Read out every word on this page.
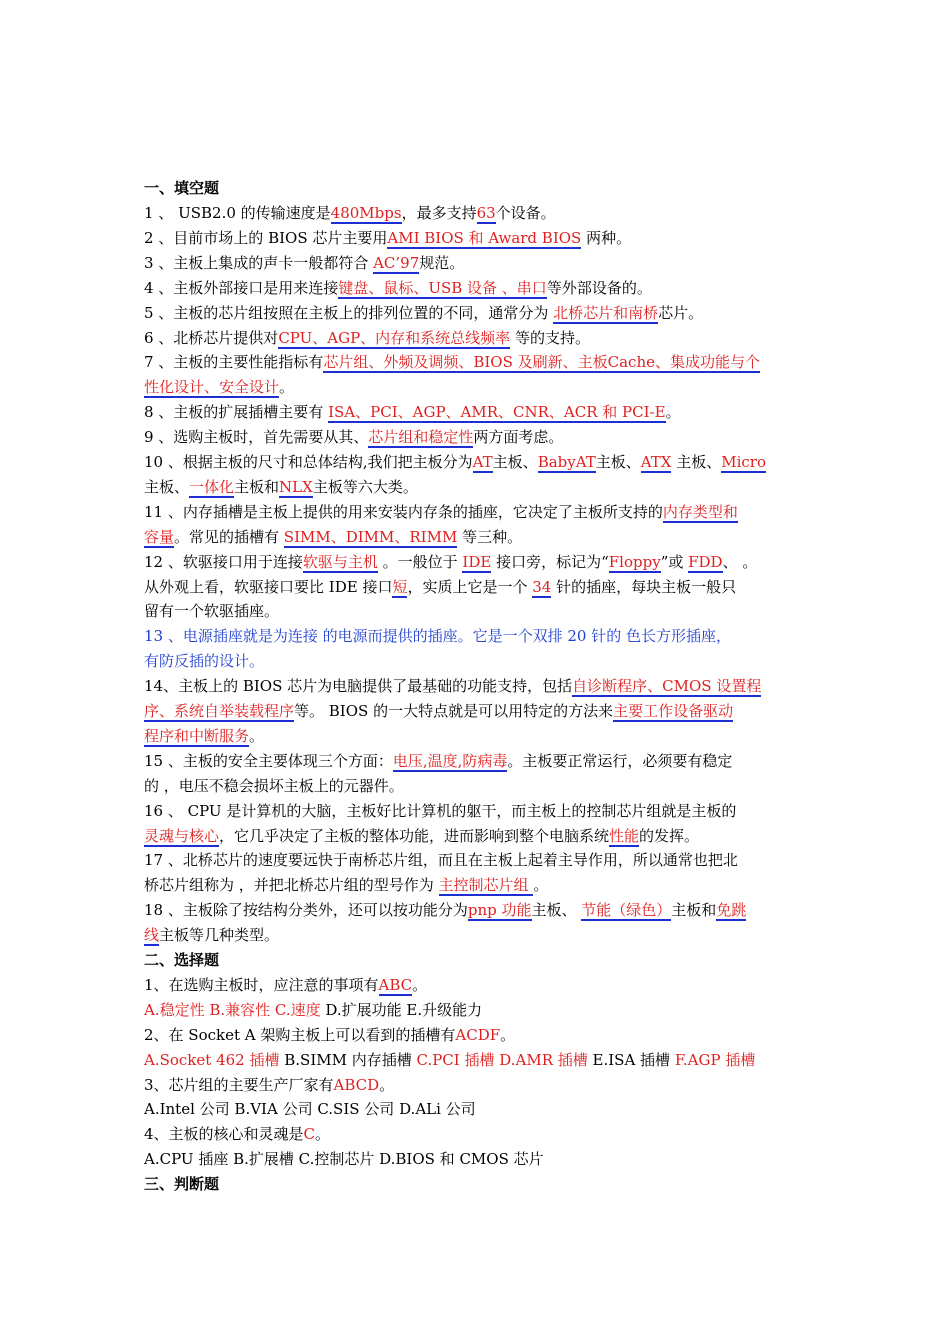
一、填空题
1 、 USB2.0 的传输速度是480Mbps，最多支持63个设备。
2 、目前市场上的 BIOS 芯片主要用AMI BIOS 和 Award BIOS 两种。
3 、主板上集成的声卡一般都符合 AC’97规范。
4 、主板外部接口是用来连接键盘、鼠标、USB 设备 、串口等外部设备的。
5 、主板的芯片组按照在主板上的排列位置的不同，通常分为 北桥芯片和南桥芯片。
6 、北桥芯片提供对CPU、AGP、内存和系统总线频率 等的支持。
7 、主板的主要性能指标有芯片组、外频及调频、BIOS 及刷新、主板Cache、集成功能与个
性化设计、安全设计。
8 、主板的扩展插槽主要有 ISA、PCI、AGP、AMR、CNR、ACR 和 PCI-E。
9 、选购主板时，首先需要从其、芯片组和稳定性两方面考虑。
10 、根据主板的尺寸和总体结构,我们把主板分为AT主板、BabyAT主板、ATX 主板、Micro
主板、一体化主板和NLX主板等六大类。
11 、内存插槽是主板上提供的用来安装内存条的插座，它决定了主板所支持的内存类型和
容量。常见的插槽有 SIMM、DIMM、RIMM 等三种。
12 、软驱接口用于连接软驱与主机 。一般位于 IDE 接口旁，标记为“Floppy”或 FDD、 。
从外观上看，软驱接口要比 IDE 接口短，实质上它是一个 34 针的插座，每块主板一般只
留有一个软驱插座。
13 、电源插座就是为连接 的电源而提供的插座。它是一个双排 20 针的 色长方形插座，
有防反插的设计。
14、主板上的 BIOS 芯片为电脑提供了最基础的功能支持，包括自诊断程序、CMOS 设置程
序、系统自举装载程序等。 BIOS 的一大特点就是可以用特定的方法来主要工作设备驱动
程序和中断服务。
15 、主板的安全主要体现三个方面：电压,温度,防病毒。主板要正常运行，必须要有稳定
的 ，电压不稳会损坏主板上的元器件。
16 、 CPU 是计算机的大脑，主板好比计算机的躯干，而主板上的控制芯片组就是主板的
灵魂与核心，它几乎决定了主板的整体功能，进而影响到整个电脑系统性能的发挥。
17 、北桥芯片的速度要远快于南桥芯片组，而且在主板上起着主导作用，所以通常也把北
桥芯片组称为 ，并把北桥芯片组的型号作为 主控制芯片组 。
18 、主板除了按结构分类外，还可以按功能分为pnp 功能主板、 节能（绿色）主板和免跳
线主板等几种类型。
二、选择题
1、在选购主板时，应注意的事项有ABC。
A.稳定性 B.兼容性 C.速度 D.扩展功能 E.升级能力
2、在 Socket A 架购主板上可以看到的插槽有ACDF。
A.Socket 462 插槽 B.SIMM 内存插槽 C.PCI 插槽 D.AMR 插槽 E.ISA 插槽 F.AGP 插槽
3、芯片组的主要生产厂家有ABCD。
A.Intel 公司 B.VIA 公司 C.SIS 公司 D.ALi 公司
4、主板的核心和灵魂是C。
A.CPU 插座 B.扩展槽 C.控制芯片 D.BIOS 和 CMOS 芯片
三、判断题
